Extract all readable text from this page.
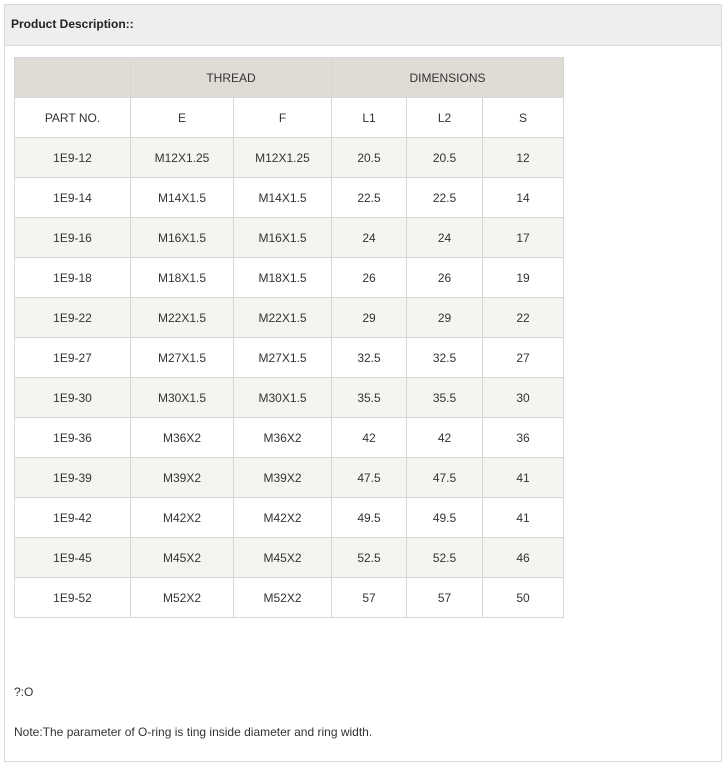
Product Description::
	THREAD		DIMENSIONS		
PART NO.	E	F	L1	L2	S
1E9-12	M12X1.25	M12X1.25	20.5	20.5	12
1E9-14	M14X1.5	M14X1.5	22.5	22.5	14
1E9-16	M16X1.5	M16X1.5	24	24	17
1E9-18	M18X1.5	M18X1.5	26	26	19
1E9-22	M22X1.5	M22X1.5	29	29	22
1E9-27	M27X1.5	M27X1.5	32.5	32.5	27
1E9-30	M30X1.5	M30X1.5	35.5	35.5	30
1E9-36	M36X2	M36X2	42	42	36
1E9-39	M39X2	M39X2	47.5	47.5	41
1E9-42	M42X2	M42X2	49.5	49.5	41
1E9-45	M45X2	M45X2	52.5	52.5	46
1E9-52	M52X2	M52X2	57	57	50
?:O
Note:The parameter of O-ring is ting inside diameter and ring width.
